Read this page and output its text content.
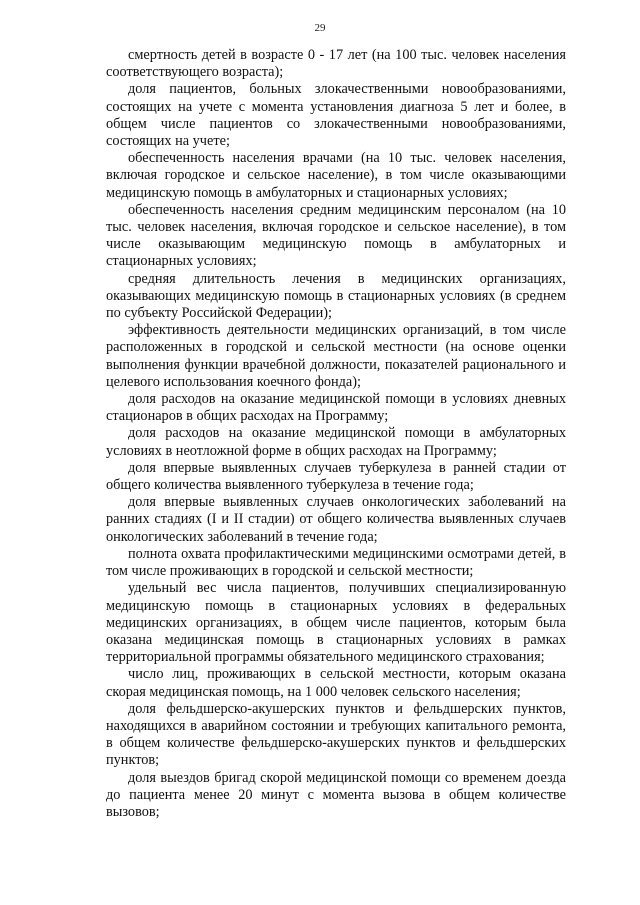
29

смертность детей в возрасте 0 - 17 лет (на 100 тыс. человек населения соответствующего возраста);

доля пациентов, больных злокачественными новообразованиями, состоящих на учете с момента установления диагноза 5 лет и более, в общем числе пациентов со злокачественными новообразованиями, состоящих на учете;

обеспеченность населения врачами (на 10 тыс. человек населения, включая городское и сельское население), в том числе оказывающими медицинскую помощь в амбулаторных и стационарных условиях;

обеспеченность населения средним медицинским персоналом (на 10 тыс. человек населения, включая городское и сельское население), в том числе оказывающим медицинскую помощь в амбулаторных и стационарных условиях;

средняя длительность лечения в медицинских организациях, оказывающих медицинскую помощь в стационарных условиях (в среднем по субъекту Российской Федерации);

эффективность деятельности медицинских организаций, в том числе расположенных в городской и сельской местности (на основе оценки выполнения функции врачебной должности, показателей рационального и целевого использования коечного фонда);

доля расходов на оказание медицинской помощи в условиях дневных стационаров в общих расходах на Программу;

доля расходов на оказание медицинской помощи в амбулаторных условиях в неотложной форме в общих расходах на Программу;

доля впервые выявленных случаев туберкулеза в ранней стадии от общего количества выявленного туберкулеза в течение года;

доля впервые выявленных случаев онкологических заболеваний на ранних стадиях (I и II стадии) от общего количества выявленных случаев онкологических заболеваний в течение года;

полнота охвата профилактическими медицинскими осмотрами детей, в том числе проживающих в городской и сельской местности;

удельный вес числа пациентов, получивших специализированную медицинскую помощь в стационарных условиях в федеральных медицинских организациях, в общем числе пациентов, которым была оказана медицинская помощь в стационарных условиях в рамках территориальной программы обязательного медицинского страхования;

число лиц, проживающих в сельской местности, которым оказана скорая медицинская помощь, на 1 000 человек сельского населения;

доля фельдшерско-акушерских пунктов и фельдшерских пунктов, находящихся в аварийном состоянии и требующих капитального ремонта, в общем количестве фельдшерско-акушерских пунктов и фельдшерских пунктов;

доля выездов бригад скорой медицинской помощи со временем доезда до пациента менее 20 минут с момента вызова в общем количестве вызовов;
